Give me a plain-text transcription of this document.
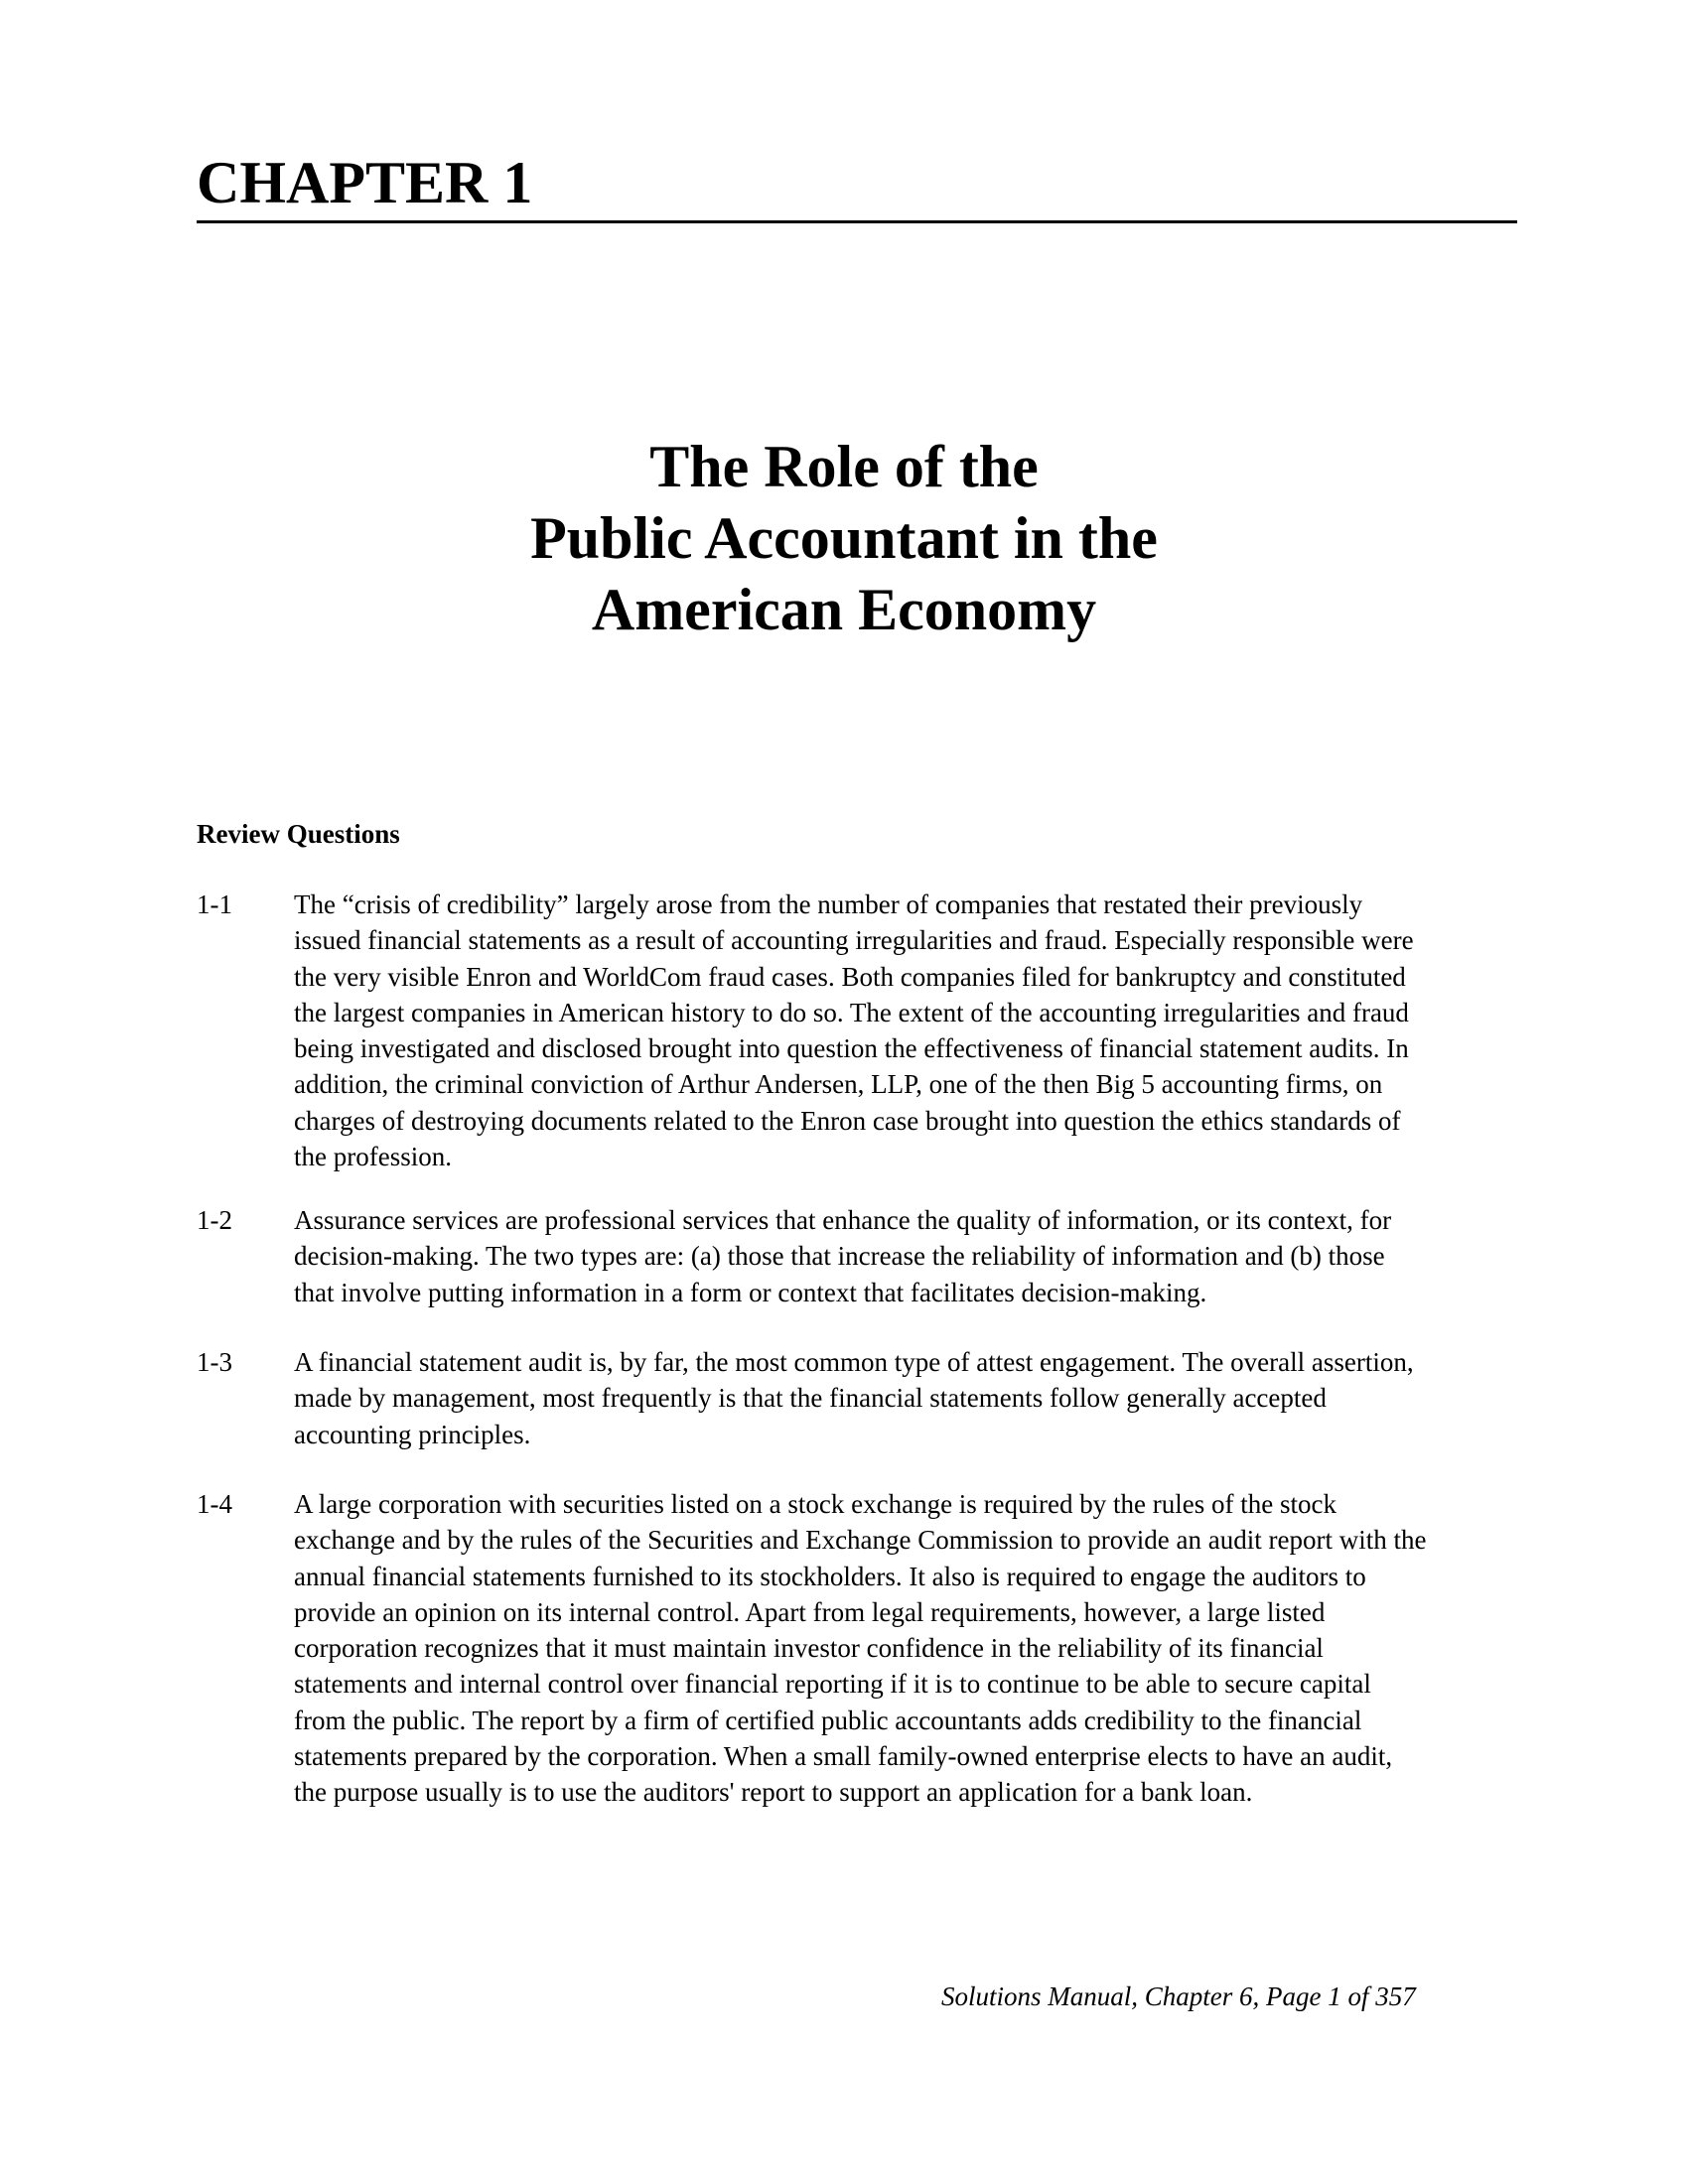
CHAPTER 1
The Role of the
Public Accountant in the
American Economy
Review Questions
1-1 The “crisis of credibility” largely arose from the number of companies that restated their previously
issued financial statements as a result of accounting irregularities and fraud. Especially responsible were
the very visible Enron and WorldCom fraud cases. Both companies filed for bankruptcy and constituted
the largest companies in American history to do so. The extent of the accounting irregularities and fraud
being investigated and disclosed brought into question the effectiveness of financial statement audits. In
addition, the criminal conviction of Arthur Andersen, LLP, one of the then Big 5 accounting firms, on
charges of destroying documents related to the Enron case brought into question the ethics standards of
the profession.
1-2 Assurance services are professional services that enhance the quality of information, or its context, for
decision-making. The two types are: (a) those that increase the reliability of information and (b) those
that involve putting information in a form or context that facilitates decision-making.
1-3 A financial statement audit is, by far, the most common type of attest engagement. The overall assertion,
made by management, most frequently is that the financial statements follow generally accepted
accounting principles.
1-4 A large corporation with securities listed on a stock exchange is required by the rules of the stock
exchange and by the rules of the Securities and Exchange Commission to provide an audit report with the
annual financial statements furnished to its stockholders. It also is required to engage the auditors to
provide an opinion on its internal control. Apart from legal requirements, however, a large listed
corporation recognizes that it must maintain investor confidence in the reliability of its financial
statements and internal control over financial reporting if it is to continue to be able to secure capital
from the public. The report by a firm of certified public accountants adds credibility to the financial
statements prepared by the corporation. When a small family-owned enterprise elects to have an audit,
the purpose usually is to use the auditors' report to support an application for a bank loan.
Solutions Manual, Chapter 6, Page 1 of 357
